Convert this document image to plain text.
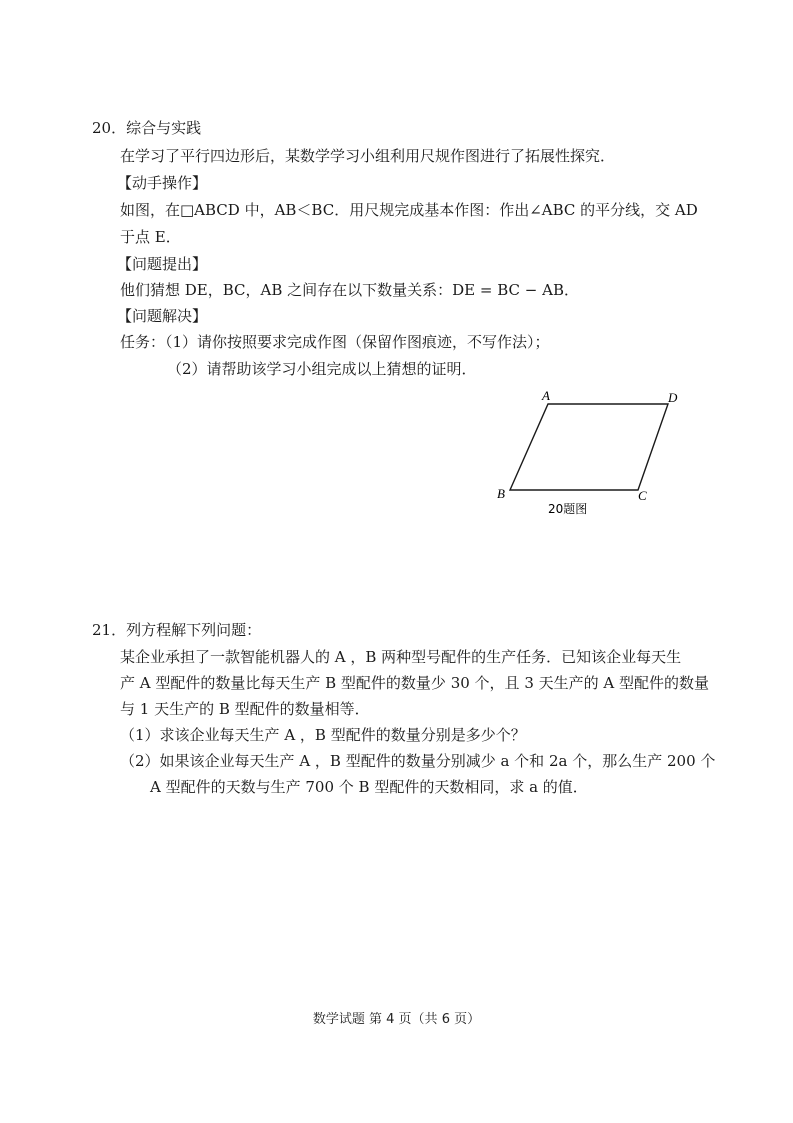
20．综合与实践
在学习了平行四边形后，某数学学习小组利用尺规作图进行了拓展性探究．
【动手操作】
如图，在□ABCD 中，AB＜BC．用尺规完成基本作图：作出∠ABC 的平分线，交 AD
于点 E．
【问题提出】
他们猜想 DE，BC，AB 之间存在以下数量关系：DE = BC − AB．
【问题解决】
任务：（1）请你按照要求完成作图（保留作图痕迹，不写作法）；
（2）请帮助该学习小组完成以上猜想的证明．
A	D
B	C
20题图
21．列方程解下列问题：
某企业承担了一款智能机器人的 A ，B 两种型号配件的生产任务．已知该企业每天生
产 A 型配件的数量比每天生产 B 型配件的数量少 30 个，且 3 天生产的 A 型配件的数量
与 1 天生产的 B 型配件的数量相等．
（1）求该企业每天生产 A ，B 型配件的数量分别是多少个？
（2）如果该企业每天生产 A ，B 型配件的数量分别减少 a 个和 2a 个，那么生产 200 个
A 型配件的天数与生产 700 个 B 型配件的天数相同，求 a 的值．
数学试题 第 4 页（共 6 页）
